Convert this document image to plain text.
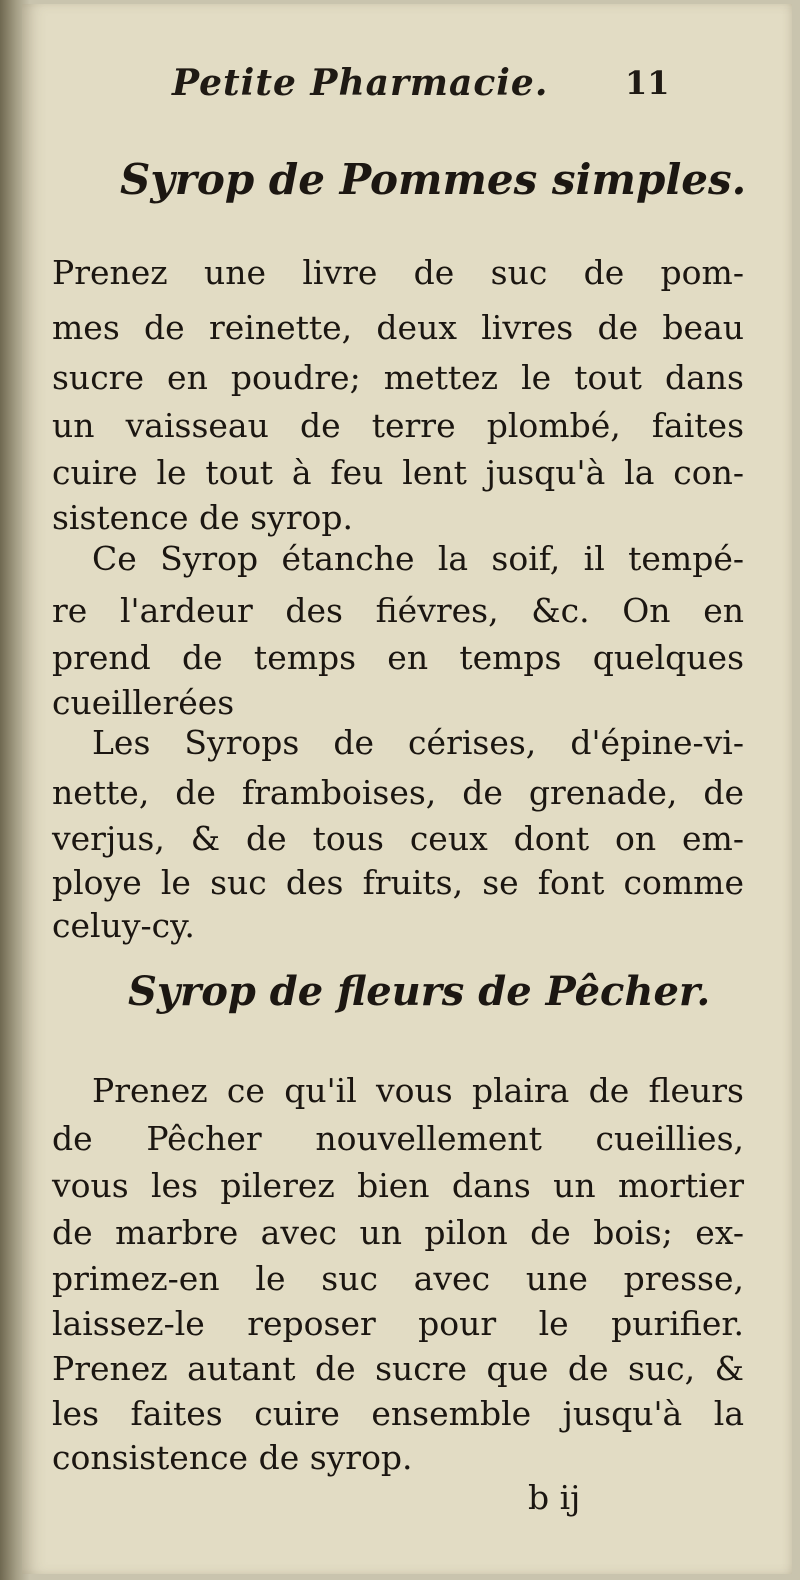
Petite Pharmacie. 11
Syrop de Pommes simples.
Prenez une livre de suc de pom-
mes de reinette, deux livres de beau
sucre en poudre; mettez le tout dans
un vaisseau de terre plombé, faites
cuire le tout à feu lent jusqu'à la con-
sistence de syrop.
Ce Syrop étanche la soif, il tempé-
re l'ardeur des fiévres, &c. On en
prend de temps en temps quelques
cueillerées
Les Syrops de cérises, d'épine-vi-
nette, de framboises, de grenade, de
verjus, & de tous ceux dont on em-
ploye le suc des fruits, se font comme
celuy-cy.
Syrop de fleurs de Pêcher.
Prenez ce qu'il vous plaira de fleurs
de Pêcher nouvellement cueillies,
vous les pilerez bien dans un mortier
de marbre avec un pilon de bois; ex-
primez-en le suc avec une presse,
laissez-le reposer pour le purifier.
Prenez autant de sucre que de suc, &
les faites cuire ensemble jusqu'à la
consistence de syrop.
b ij
